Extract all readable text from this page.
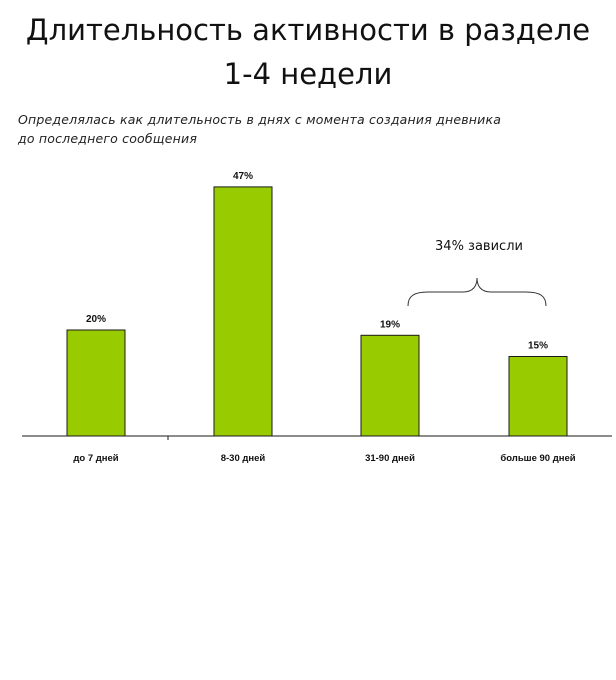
Длительность активности в разделе
1-4 недели
Определялась как длительность в днях с момента создания дневника
до последнего сообщения
20%
до 7 дней
47%
8-30 дней
19%
31-90 дней
15%
больше 90 дней
34% зависли
